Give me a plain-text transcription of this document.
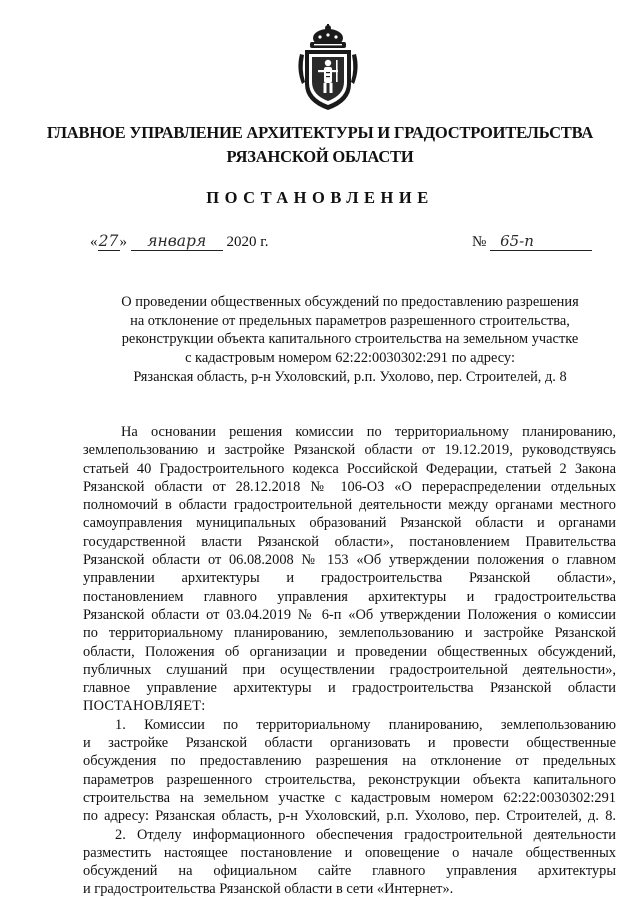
ГЛАВНОЕ УПРАВЛЕНИЕ АРХИТЕКТУРЫ И ГРАДОСТРОИТЕЛЬСТВА
РЯЗАНСКОЙ ОБЛАСТИ
ПОСТАНОВЛЕНИЕ
«27» января 2020 г.	№ 65-п
О проведении общественных обсуждений по предоставлению разрешения
на отклонение от предельных параметров разрешенного строительства,
реконструкции объекта капитального строительства на земельном участке
с кадастровым номером 62:22:0030302:291 по адресу:
Рязанская область, р-н Ухоловский, р.п. Ухолово, пер. Строителей, д. 8
На основании решения комиссии по территориальному планированию,
землепользованию и застройке Рязанской области от 19.12.2019, руководствуясь
статьей 40 Градостроительного кодекса Российской Федерации, статьей 2 Закона
Рязанской области от 28.12.2018 № 106-ОЗ «О перераспределении отдельных
полномочий в области градостроительной деятельности между органами местного
самоуправления муниципальных образований Рязанской области и органами
государственной власти Рязанской области», постановлением Правительства
Рязанской области от 06.08.2008 № 153 «Об утверждении положения о главном
управлении архитектуры и градостроительства Рязанской области»,
постановлением главного управления архитектуры и градостроительства
Рязанской области от 03.04.2019 № 6-п «Об утверждении Положения о комиссии
по территориальному планированию, землепользованию и застройке Рязанской
области, Положения об организации и проведении общественных обсуждений,
публичных слушаний при осуществлении градостроительной деятельности»,
главное управление архитектуры и градостроительства Рязанской области
ПОСТАНОВЛЯЕТ:
1. Комиссии по территориальному планированию, землепользованию
и застройке Рязанской области организовать и провести общественные
обсуждения по предоставлению разрешения на отклонение от предельных
параметров разрешенного строительства, реконструкции объекта капитального
строительства на земельном участке с кадастровым номером 62:22:0030302:291
по адресу: Рязанская область, р-н Ухоловский, р.п. Ухолово, пер. Строителей, д. 8.
2. Отделу информационного обеспечения градостроительной деятельности
разместить настоящее постановление и оповещение о начале общественных
обсуждений на официальном сайте главного управления архитектуры
и градостроительства Рязанской области в сети «Интернет».
